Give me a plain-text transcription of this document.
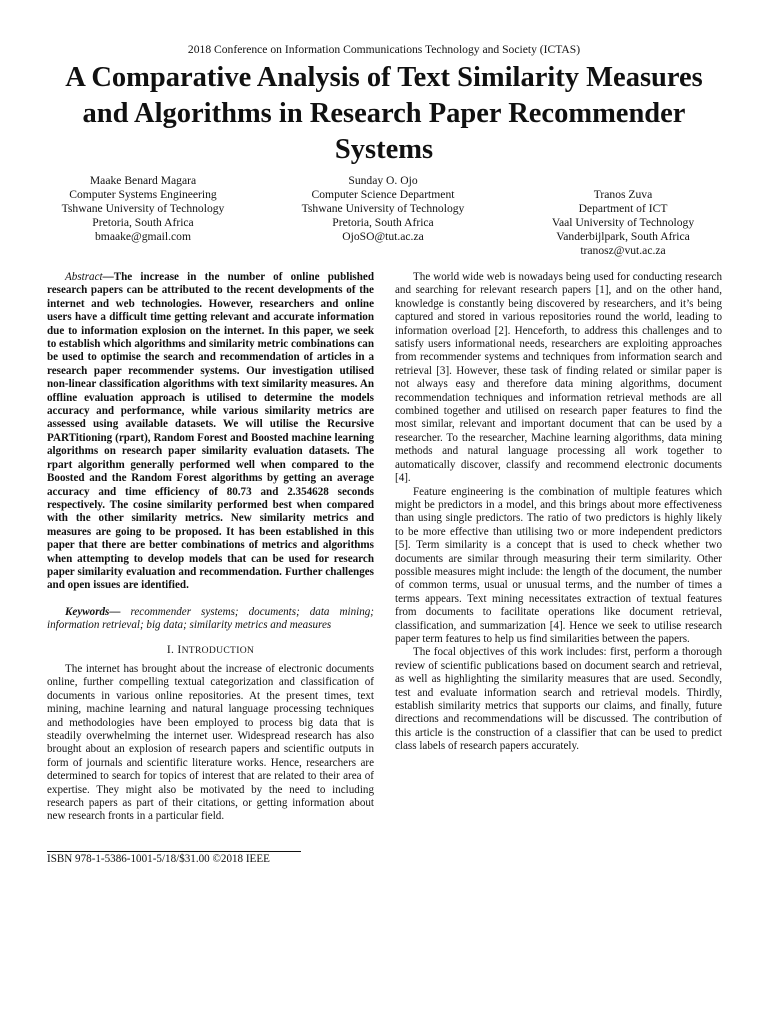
2018 Conference on Information Communications Technology and Society (ICTAS)
A Comparative Analysis of Text Similarity Measures and Algorithms in Research Paper Recommender Systems
Maake Benard Magara
Computer Systems Engineering
Tshwane University of Technology
Pretoria, South Africa
bmaake@gmail.com
Sunday O. Ojo
Computer Science Department
Tshwane University of Technology
Pretoria, South Africa
OjoSO@tut.ac.za
Tranos Zuva
Department of ICT
Vaal University of Technology
Vanderbijlpark, South Africa
tranosz@vut.ac.za

Abstract—The increase in the number of online published research papers can be attributed to the recent developments of the internet and web technologies. However, researchers and online users have a difficult time getting relevant and accurate information due to information explosion on the internet. In this paper, we seek to establish which algorithms and similarity metric combinations can be used to optimise the search and recommendation of articles in a research paper recommender systems. Our investigation utilised non-linear classification algorithms with text similarity measures. An offline evaluation approach is utilised to determine the models accuracy and performance, while various similarity metrics are assessed using available datasets. We will utilise the Recursive PARTitioning (rpart), Random Forest and Boosted machine learning algorithms on research paper similarity evaluation datasets. The rpart algorithm generally performed well when compared to the Boosted and the Random Forest algorithms by getting an average accuracy and time efficiency of 80.73 and 2.354628 seconds respectively. The cosine similarity performed best when compared with the other similarity metrics. New similarity metrics and measures are going to be proposed. It has been established in this paper that there are better combinations of metrics and algorithms when attempting to develop models that can be used for research paper similarity evaluation and recommendation. Further challenges and open issues are identified.

Keywords— recommender systems; documents; data mining; information retrieval; big data; similarity metrics and measures

I. INTRODUCTION

The internet has brought about the increase of electronic documents online, further compelling textual categorization and classification of documents in various online repositories. At the present times, text mining, machine learning and natural language processing techniques and methodologies have been employed to process big data that is steadily overwhelming the internet user. Widespread research has also brought about an explosion of research papers and scientific outputs in form of journals and scientific literature works. Hence, researchers are determined to search for topics of interest that are related to their area of expertise. They might also be motivated by the need to including research papers as part of their citations, or getting information about new research fronts in a particular field.

The world wide web is nowadays being used for conducting research and searching for relevant research papers [1], and on the other hand, knowledge is constantly being discovered by researchers, and it’s being captured and stored in various repositories round the world, leading to information overload [2]. Henceforth, to address this challenges and to satisfy users informational needs, researchers are exploiting approaches from recommender systems and techniques from information search and retrieval [3]. However, these task of finding related or similar paper is not always easy and therefore data mining algorithms, document recommendation techniques and information retrieval methods are all combined together and utilised on research paper features to find the most similar, relevant and important document that can be used by a researcher. To the researcher, Machine learning algorithms, data mining methods and natural language processing all work together to automatically discover, classify and recommend electronic documents [4].

Feature engineering is the combination of multiple features which might be predictors in a model, and this brings about more effectiveness than using single predictors. The ratio of two predictors is highly likely to be more effective than utilising two or more independent predictors [5]. Term similarity is a concept that is used to check whether two documents are similar through measuring their term similarity. Other possible measures might include: the length of the document, the number of common terms, usual or unusual terms, and the number of times a terms appears. Text mining necessitates extraction of textual features from documents to facilitate operations like document retrieval, classification, and summarization [4]. Hence we seek to utilise research paper term features to help us find similarities between the papers.

The focal objectives of this work includes: first, perform a thorough review of scientific publications based on document search and retrieval, as well as highlighting the similarity measures that are used. Secondly, test and evaluate information search and retrieval models. Thirdly, establish similarity metrics that supports our claims, and finally, future directions and recommendations will be discussed. The contribution of this article is the construction of a classifier that can be used to predict class labels of research papers accurately.

ISBN 978-1-5386-1001-5/18/$31.00 ©2018 IEEE
